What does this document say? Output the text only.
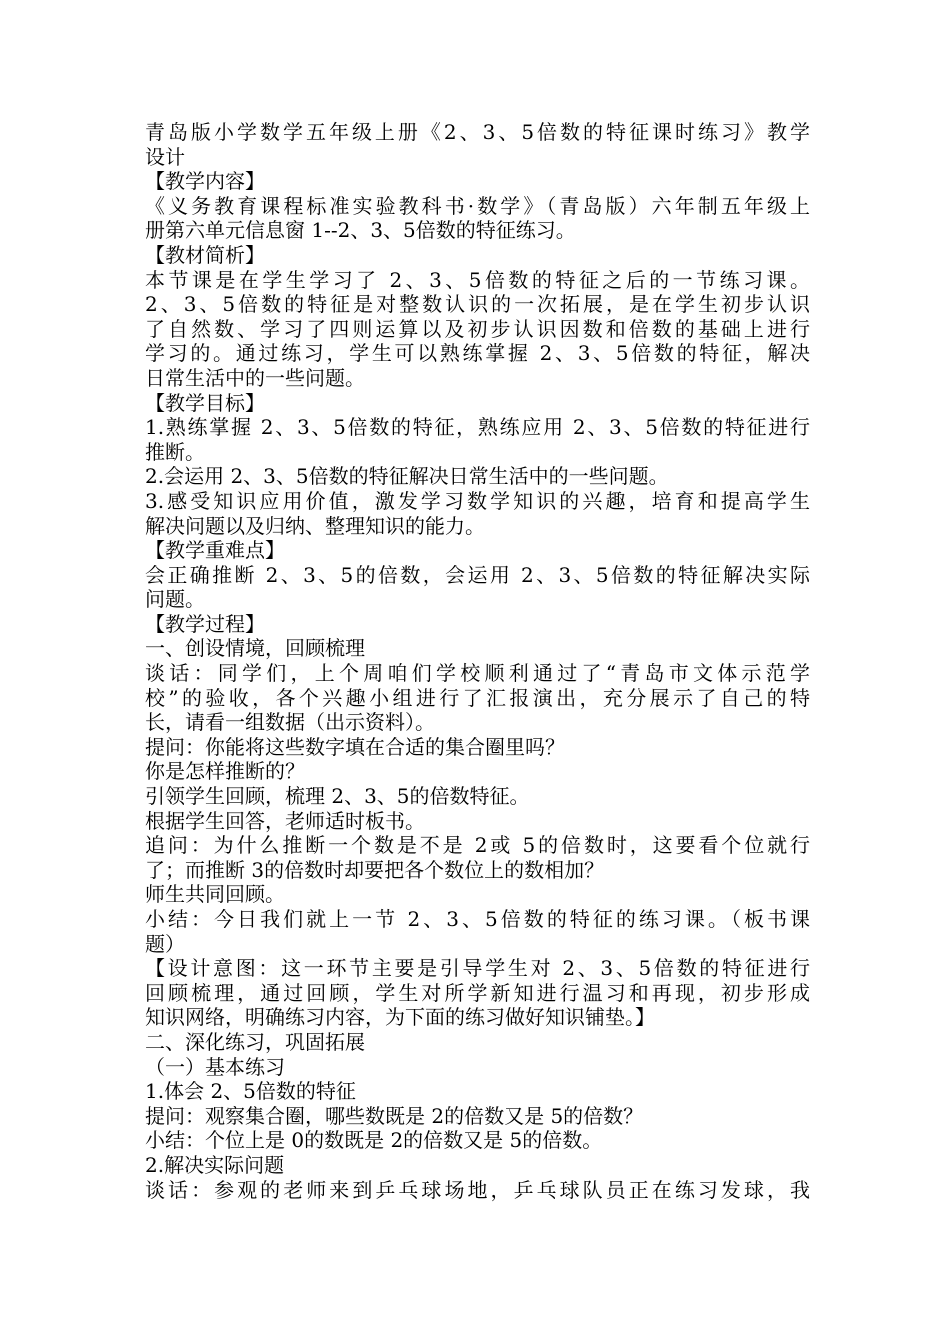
青岛版小学数学五年级上册《2、3、5倍数的特征课时练习》教学
设计
【教学内容】
《义务教育课程标准实验教科书·数学》（青岛版）六年制五年级上
册第六单元信息窗 1--2、3、5倍数的特征练习。
【教材简析】
本节课是在学生学习了 2、3、5倍数的特征之后的一节练习课。
2、3、5倍数的特征是对整数认识的一次拓展，是在学生初步认识
了自然数、学习了四则运算以及初步认识因数和倍数的基础上进行
学习的。通过练习，学生可以熟练掌握 2、3、5倍数的特征，解决
日常生活中的一些问题。
【教学目标】
1.熟练掌握 2、3、5倍数的特征，熟练应用 2、3、5倍数的特征进行
推断。
2.会运用 2、3、5倍数的特征解决日常生活中的一些问题。
3.感受知识应用价值，激发学习数学知识的兴趣，培育和提高学生
解决问题以及归纳、整理知识的能力。
【教学重难点】
会正确推断 2、3、5的倍数，会运用 2、3、5倍数的特征解决实际
问题。
【教学过程】
一、创设情境，回顾梳理
谈话：同学们，上个周咱们学校顺利通过了“青岛市文体示范学
校”的验收，各个兴趣小组进行了汇报演出，充分展示了自己的特
长，请看一组数据（出示资料）。
提问：你能将这些数字填在合适的集合圈里吗？
你是怎样推断的？
引领学生回顾，梳理 2、3、5的倍数特征。
根据学生回答，老师适时板书。
追问：为什么推断一个数是不是 2或 5的倍数时，这要看个位就行
了；而推断 3的倍数时却要把各个数位上的数相加？
师生共同回顾。
小结：今日我们就上一节 2、3、5倍数的特征的练习课。（板书课
题）
【设计意图：这一环节主要是引导学生对 2、3、5倍数的特征进行
回顾梳理，通过回顾，学生对所学新知进行温习和再现，初步形成
知识网络，明确练习内容，为下面的练习做好知识铺垫。】
二、深化练习，巩固拓展
（一）基本练习
1.体会 2、5倍数的特征
提问：观察集合圈，哪些数既是 2的倍数又是 5的倍数？
小结：个位上是 0的数既是 2的倍数又是 5的倍数。
2.解决实际问题
谈话：参观的老师来到乒乓球场地，乒乓球队员正在练习发球，我
